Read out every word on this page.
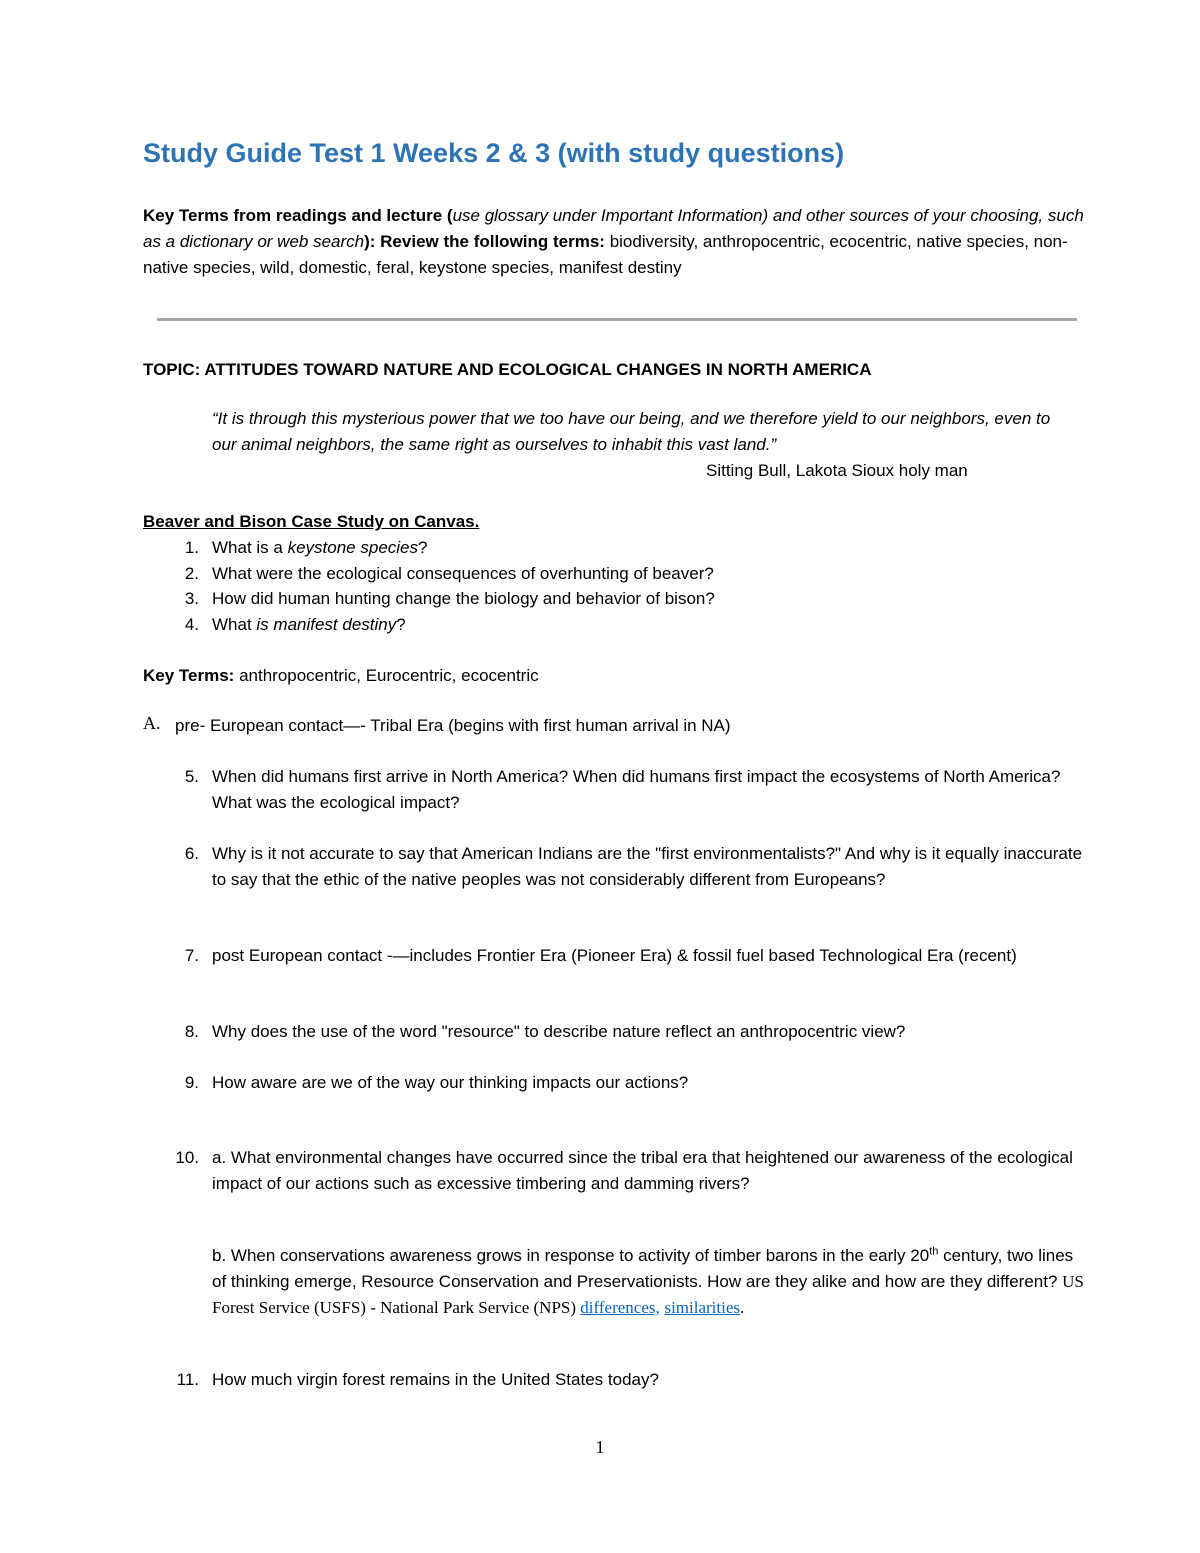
Study Guide Test 1 Weeks 2 & 3 (with study questions)
Key Terms from readings and lecture (use glossary under Important Information) and other sources of your choosing, such as a dictionary or web search): Review the following terms: biodiversity, anthropocentric, ecocentric, native species, non-native species, wild, domestic, feral, keystone species, manifest destiny
TOPIC: ATTITUDES TOWARD NATURE AND ECOLOGICAL CHANGES IN NORTH AMERICA
“It is through this mysterious power that we too have our being, and we therefore yield to our neighbors, even to our animal neighbors, the same right as ourselves to inhabit this vast land.”
Sitting Bull, Lakota Sioux holy man
Beaver and Bison Case Study on Canvas.
1. What is a keystone species?
2. What were the ecological consequences of overhunting of beaver?
3. How did human hunting change the biology and behavior of bison?
4. What is manifest destiny?
Key Terms: anthropocentric, Eurocentric, ecocentric
A. pre- European contact—- Tribal Era (begins with first human arrival in NA)
5. When did humans first arrive in North America? When did humans first impact the ecosystems of North America? What was the ecological impact?
6. Why is it not accurate to say that American Indians are the "first environmentalists?" And why is it equally inaccurate to say that the ethic of the native peoples was not considerably different from Europeans?
7. post European contact -—includes Frontier Era (Pioneer Era) & fossil fuel based Technological Era (recent)
8. Why does the use of the word "resource" to describe nature reflect an anthropocentric view?
9. How aware are we of the way our thinking impacts our actions?
10. a. What environmental changes have occurred since the tribal era that heightened our awareness of the ecological impact of our actions such as excessive timbering and damming rivers?
b. When conservations awareness grows in response to activity of timber barons in the early 20th century, two lines of thinking emerge, Resource Conservation and Preservationists. How are they alike and how are they different? US Forest Service (USFS) - National Park Service (NPS) differences, similarities.
11. How much virgin forest remains in the United States today?
1
